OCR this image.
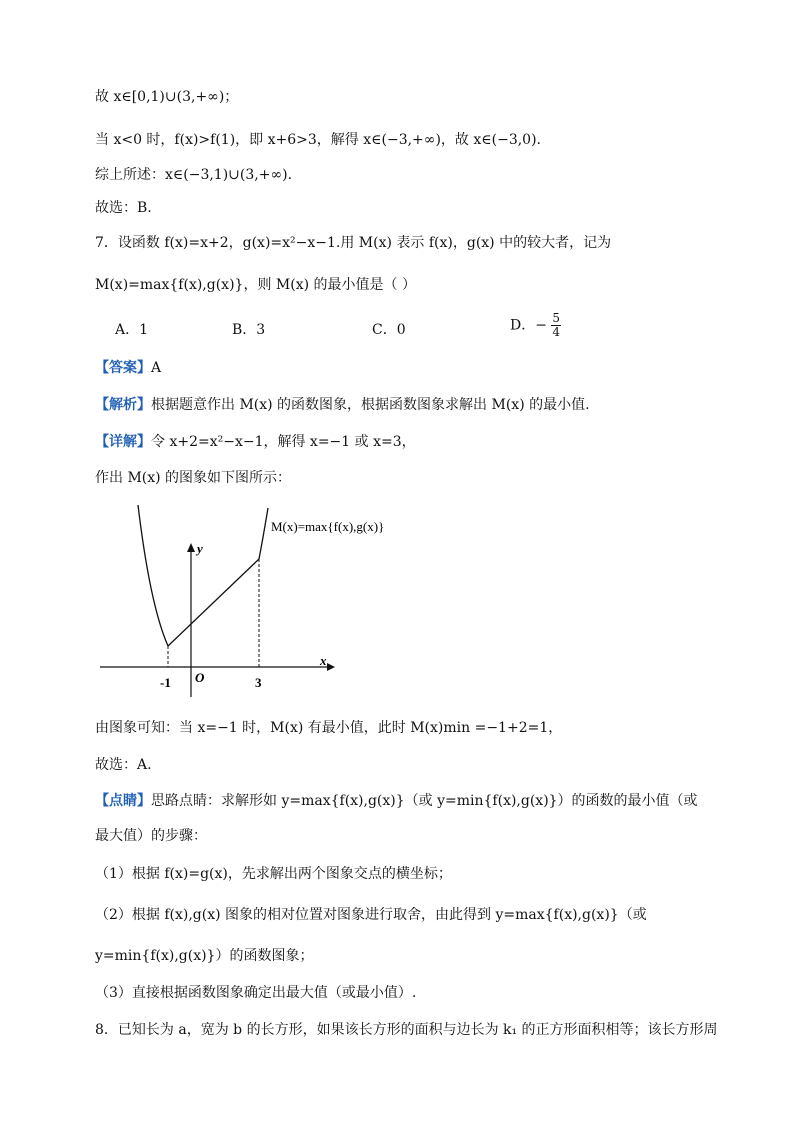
故 x∈[0,1)∪(3,+∞)；
当 x<0 时，f(x)>f(1)，即 x+6>3，解得 x∈(−3,+∞)，故 x∈(−3,0).
综上所述：x∈(−3,1)∪(3,+∞).
故选：B.
7．设函数 f(x)=x+2，g(x)=x²−x−1.用 M(x) 表示 f(x)，g(x) 中的较大者，记为
M(x)=max{f(x),g(x)}，则 M(x) 的最小值是（ ）
A．1	B．3	C．0	D．− $\frac{5}{4}$
【答案】A
【解析】根据题意作出 M(x) 的函数图象，根据函数图象求解出 M(x) 的最小值.
【详解】令 x+2=x²−x−1，解得 x=−1 或 x=3，
作出 M(x) 的图象如下图所示：
M(x)=max{f(x),g(x)}
y
x
O
-1	3
由图象可知：当 x=−1 时，M(x) 有最小值，此时 M(x)min =−1+2=1，
故选：A.
【点睛】思路点睛：求解形如 y=max{f(x),g(x)}（或 y=min{f(x),g(x)}）的函数的最小值（或
最大值）的步骤：
（1）根据 f(x)=g(x)，先求解出两个图象交点的横坐标；
（2）根据 f(x),g(x) 图象的相对位置对图象进行取舍，由此得到 y=max{f(x),g(x)}（或
y=min{f(x),g(x)}）的函数图象；
（3）直接根据函数图象确定出最大值（或最小值）.
8．已知长为 a，宽为 b 的长方形，如果该长方形的面积与边长为 k₁ 的正方形面积相等；该长方形周
